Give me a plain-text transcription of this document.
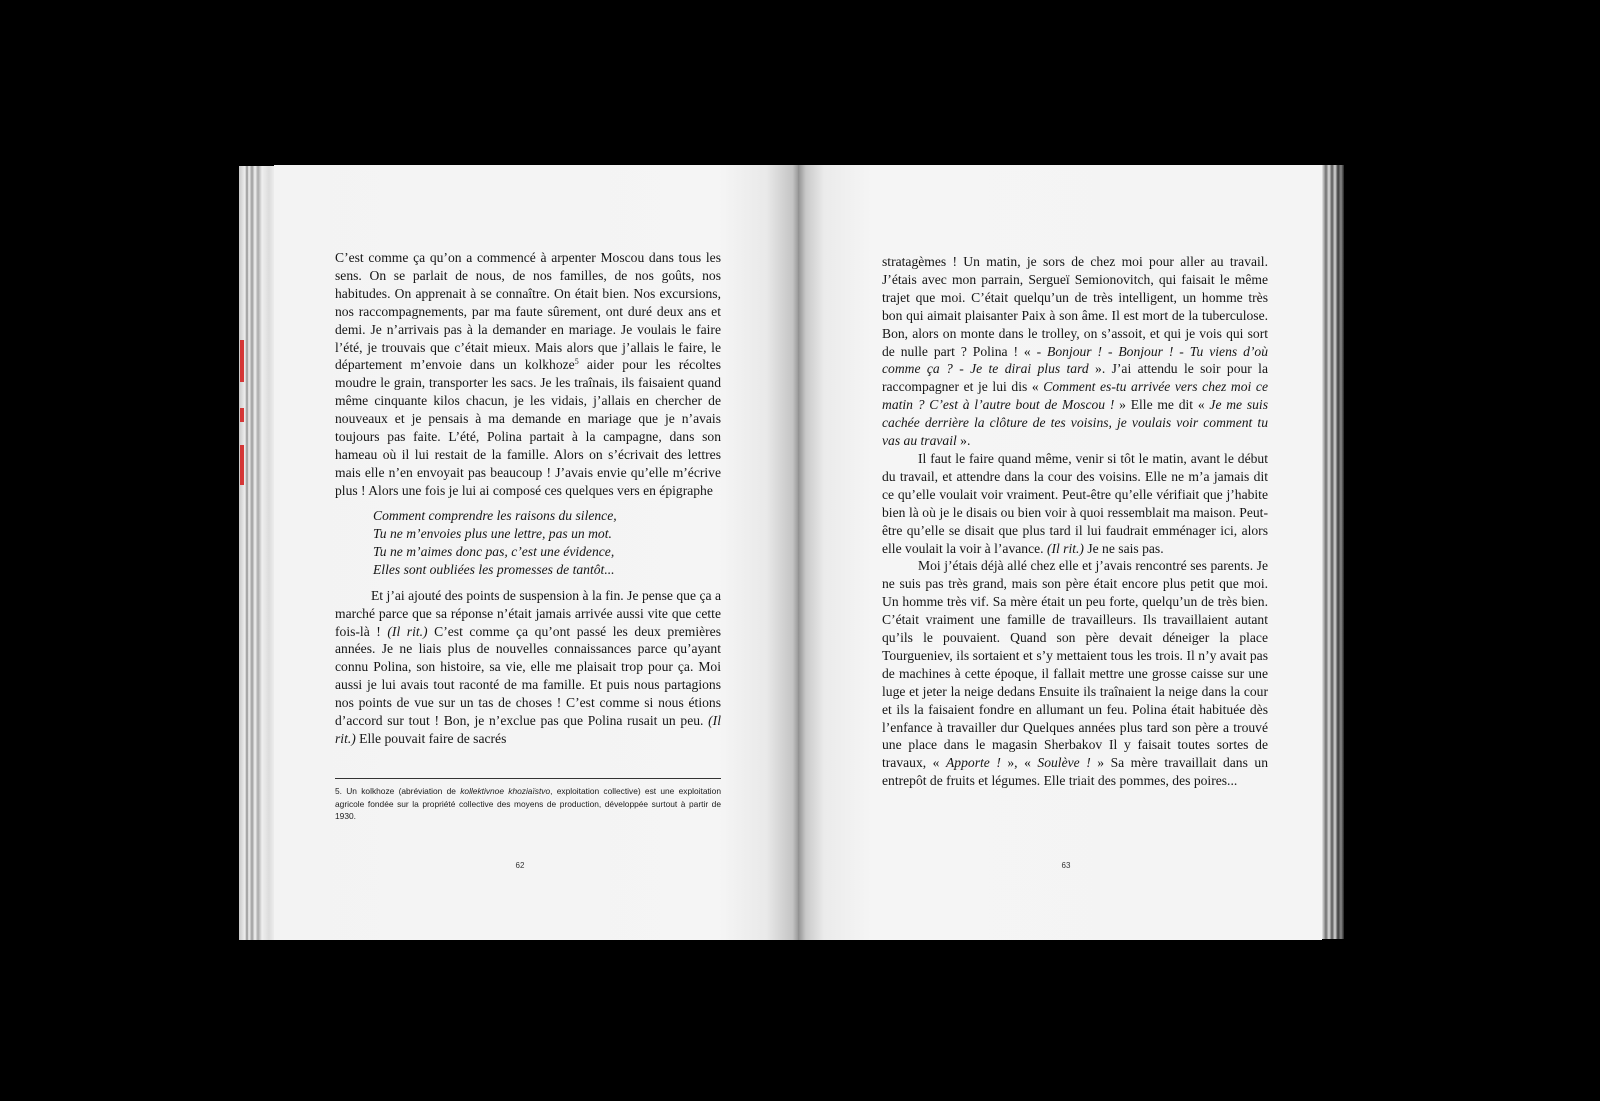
C’est comme ça qu’on a commencé à arpenter Moscou dans tous les sens. On se parlait de nous, de nos familles, de nos goûts, nos habitudes. On apprenait à se connaître. On était bien. Nos excursions, nos raccompagnements, par ma faute sûrement, ont duré deux ans et demi. Je n’arrivais pas à la demander en mariage. Je voulais le faire l’été, je trouvais que c’était mieux. Mais alors que j’allais le faire, le département m’envoie dans un kolkhoze$^5$ aider pour les récoltes moudre le grain, transporter les sacs. Je les traînais, ils faisaient quand même cinquante kilos chacun, je les vidais, j’allais en chercher de nouveaux et je pensais à ma demande en mariage que je n’avais toujours pas faite. L’été, Polina partait à la campagne, dans son hameau où il lui restait de la famille. Alors on s’écrivait des lettres mais elle n’en envoyait pas beaucoup ! J’avais envie qu’elle m’écrive plus ! Alors une fois je lui ai composé ces quelques vers en épigraphe

Comment comprendre les raisons du silence,
Tu ne m’envoies plus une lettre, pas un mot.
Tu ne m’aimes donc pas, c’est une évidence,
Elles sont oubliées les promesses de tantôt...

Et j’ai ajouté des points de suspension à la fin. Je pense que ça a marché parce que sa réponse n’était jamais arrivée aussi vite que cette fois-là ! (Il rit.) C’est comme ça qu’ont passé les deux premières années. Je ne liais plus de nouvelles connaissances parce qu’ayant connu Polina, son histoire, sa vie, elle me plaisait trop pour ça. Moi aussi je lui avais tout raconté de ma famille. Et puis nous partagions nos points de vue sur un tas de choses ! C’est comme si nous étions d’accord sur tout ! Bon, je n’exclue pas que Polina rusait un peu. (Il rit.) Elle pouvait faire de sacrés

5. Un kolkhoze (abréviation de kollektivnoe khoziaïstvo, exploitation collective) est une exploitation agricole fondée sur la propriété collective des moyens de production, développée surtout à partir de 1930.
62

stratagèmes ! Un matin, je sors de chez moi pour aller au travail. J’étais avec mon parrain, Sergueï Semionovitch, qui faisait le même trajet que moi. C’était quelqu’un de très intelligent, un homme très bon qui aimait plaisanter Paix à son âme. Il est mort de la tuberculose. Bon, alors on monte dans le trolley, on s’assoit, et qui je vois qui sort de nulle part ? Polina ! « - Bonjour ! - Bonjour ! - Tu viens d’où comme ça ? - Je te dirai plus tard ». J’ai attendu le soir pour la raccompagner et je lui dis « Comment es-tu arrivée vers chez moi ce matin ? C’est à l’autre bout de Moscou ! » Elle me dit « Je me suis cachée derrière la clôture de tes voisins, je voulais voir comment tu vas au travail ».

Il faut le faire quand même, venir si tôt le matin, avant le début du travail, et attendre dans la cour des voisins. Elle ne m’a jamais dit ce qu’elle voulait voir vraiment. Peut-être qu’elle vérifiait que j’habite bien là où je le disais ou bien voir à quoi ressemblait ma maison. Peut-être qu’elle se disait que plus tard il lui faudrait emménager ici, alors elle voulait la voir à l’avance. (Il rit.) Je ne sais pas.

Moi j’étais déjà allé chez elle et j’avais rencontré ses parents. Je ne suis pas très grand, mais son père était encore plus petit que moi. Un homme très vif. Sa mère était un peu forte, quelqu’un de très bien. C’était vraiment une famille de travailleurs. Ils travaillaient autant qu’ils le pouvaient. Quand son père devait déneiger la place Tourgueniev, ils sortaient et s’y mettaient tous les trois. Il n’y avait pas de machines à cette époque, il fallait mettre une grosse caisse sur une luge et jeter la neige dedans Ensuite ils traînaient la neige dans la cour et ils la faisaient fondre en allumant un feu. Polina était habituée dès l’enfance à travailler dur Quelques années plus tard son père a trouvé une place dans le magasin Sherbakov Il y faisait toutes sortes de travaux, « Apporte ! », « Soulève ! » Sa mère travaillait dans un entrepôt de fruits et légumes. Elle triait des pommes, des poires...

63
